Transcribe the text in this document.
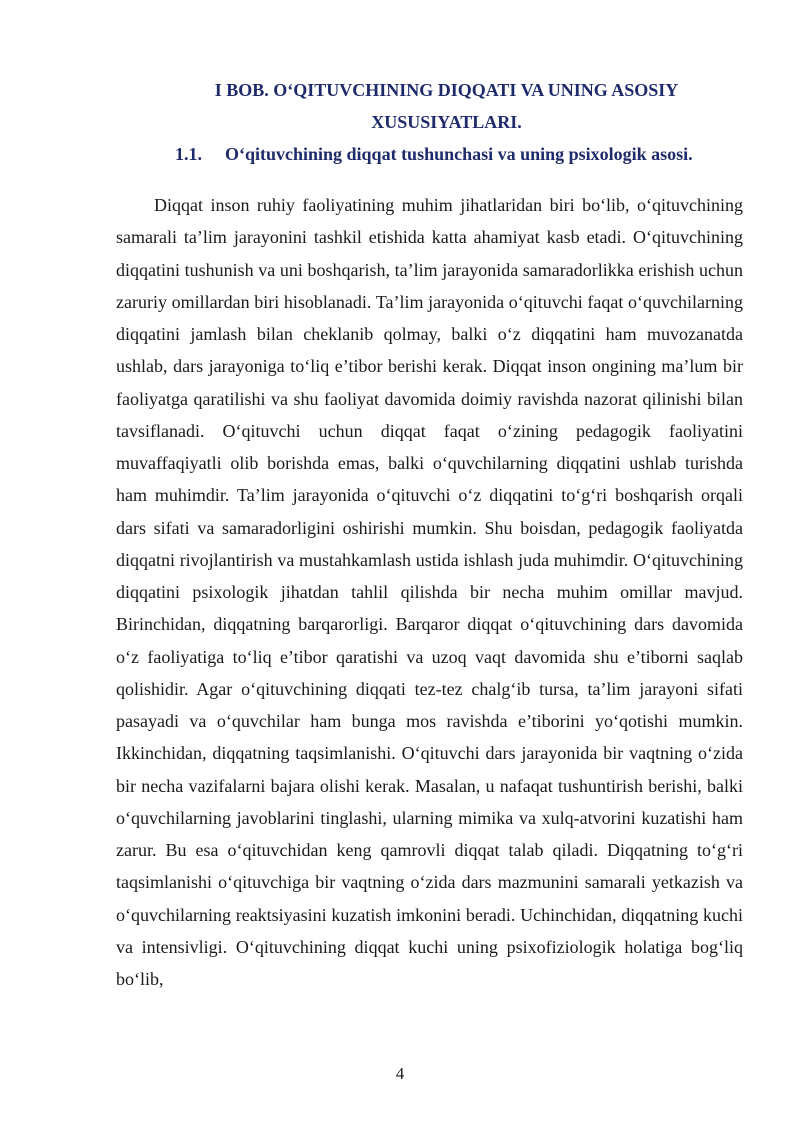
I BOB. O‘QITUVCHINING DIQQATI VA UNING ASOSIY XUSUSIYATLARI.
1.1. O‘qituvchining diqqat tushunchasi va uning psixologik asosi.

Diqqat inson ruhiy faoliyatining muhim jihatlaridan biri bo‘lib, o‘qituvchining samarali ta’lim jarayonini tashkil etishida katta ahamiyat kasb etadi. O‘qituvchining diqqatini tushunish va uni boshqarish, ta’lim jarayonida samaradorlikka erishish uchun zaruriy omillardan biri hisoblanadi. Ta’lim jarayonida o‘qituvchi faqat o‘quvchilarning diqqatini jamlash bilan cheklanib qolmay, balki o‘z diqqatini ham muvozanatda ushlab, dars jarayoniga to‘liq e’tibor berishi kerak. Diqqat inson ongining ma’lum bir faoliyatga qaratilishi va shu faoliyat davomida doimiy ravishda nazorat qilinishi bilan tavsiflanadi. O‘qituvchi uchun diqqat faqat o‘zining pedagogik faoliyatini muvaffaqiyatli olib borishda emas, balki o‘quvchilarning diqqatini ushlab turishda ham muhimdir. Ta’lim jarayonida o‘qituvchi o‘z diqqatini to‘g‘ri boshqarish orqali dars sifati va samaradorligini oshirishi mumkin. Shu boisdan, pedagogik faoliyatda diqqatni rivojlantirish va mustahkamlash ustida ishlash juda muhimdir. O‘qituvchining diqqatini psixologik jihatdan tahlil qilishda bir necha muhim omillar mavjud. Birinchidan, diqqatning barqarorligi. Barqaror diqqat o‘qituvchining dars davomida o‘z faoliyatiga to‘liq e’tibor qaratishi va uzoq vaqt davomida shu e’tiborni saqlab qolishidir. Agar o‘qituvchining diqqati tez-tez chalg‘ib tursa, ta’lim jarayoni sifati pasayadi va o‘quvchilar ham bunga mos ravishda e’tiborini yo‘qotishi mumkin. Ikkinchidan, diqqatning taqsimlanishi. O‘qituvchi dars jarayonida bir vaqtning o‘zida bir necha vazifalarni bajara olishi kerak. Masalan, u nafaqat tushuntirish berishi, balki o‘quvchilarning javoblarini tinglashi, ularning mimika va xulq-atvorini kuzatishi ham zarur. Bu esa o‘qituvchidan keng qamrovli diqqat talab qiladi. Diqqatning to‘g‘ri taqsimlanishi o‘qituvchiga bir vaqtning o‘zida dars mazmunini samarali yetkazish va o‘quvchilarning reaktsiyasini kuzatish imkonini beradi. Uchinchidan, diqqatning kuchi va intensivligi. O‘qituvchining diqqat kuchi uning psixofiziologik holatiga bog‘liq bo‘lib,

4
